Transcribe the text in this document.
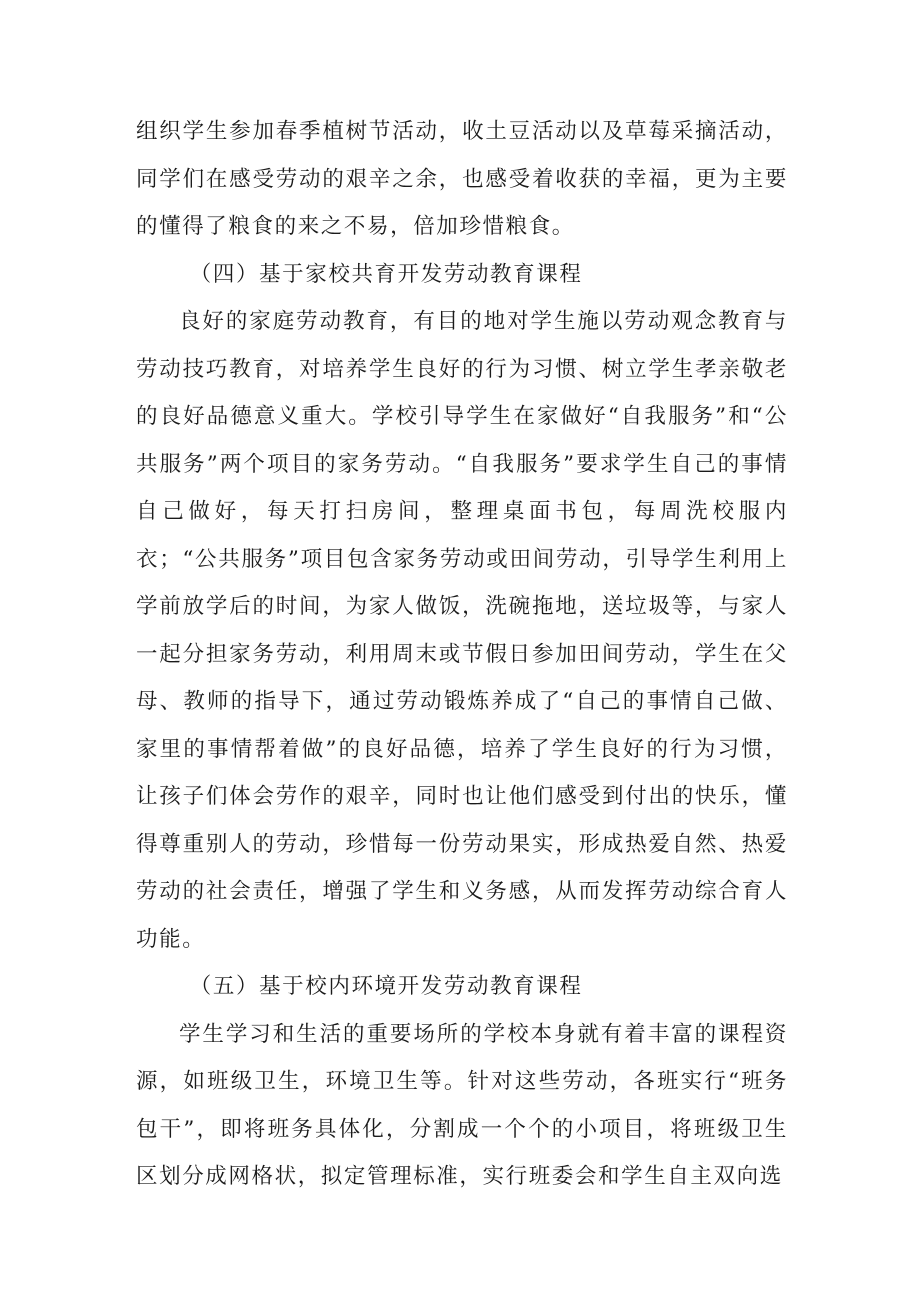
组织学生参加春季植树节活动，收土豆活动以及草莓采摘活动，同学们在感受劳动的艰辛之余，也感受着收获的幸福，更为主要的懂得了粮食的来之不易，倍加珍惜粮食。

（四）基于家校共育开发劳动教育课程

良好的家庭劳动教育，有目的地对学生施以劳动观念教育与劳动技巧教育，对培养学生良好的行为习惯、树立学生孝亲敬老的良好品德意义重大。学校引导学生在家做好“自我服务”和“公共服务”两个项目的家务劳动。“自我服务”要求学生自己的事情自己做好，每天打扫房间，整理桌面书包，每周洗校服内衣；“公共服务”项目包含家务劳动或田间劳动，引导学生利用上学前放学后的时间，为家人做饭，洗碗拖地，送垃圾等，与家人一起分担家务劳动，利用周末或节假日参加田间劳动，学生在父母、教师的指导下，通过劳动锻炼养成了“自己的事情自己做、家里的事情帮着做”的良好品德，培养了学生良好的行为习惯，让孩子们体会劳作的艰辛，同时也让他们感受到付出的快乐，懂得尊重别人的劳动，珍惜每一份劳动果实，形成热爱自然、热爱劳动的社会责任，增强了学生和义务感，从而发挥劳动综合育人功能。

（五）基于校内环境开发劳动教育课程

学生学习和生活的重要场所的学校本身就有着丰富的课程资源，如班级卫生，环境卫生等。针对这些劳动，各班实行“班务包干”，即将班务具体化，分割成一个个的小项目，将班级卫生区划分成网格状，拟定管理标准，实行班委会和学生自主双向选
